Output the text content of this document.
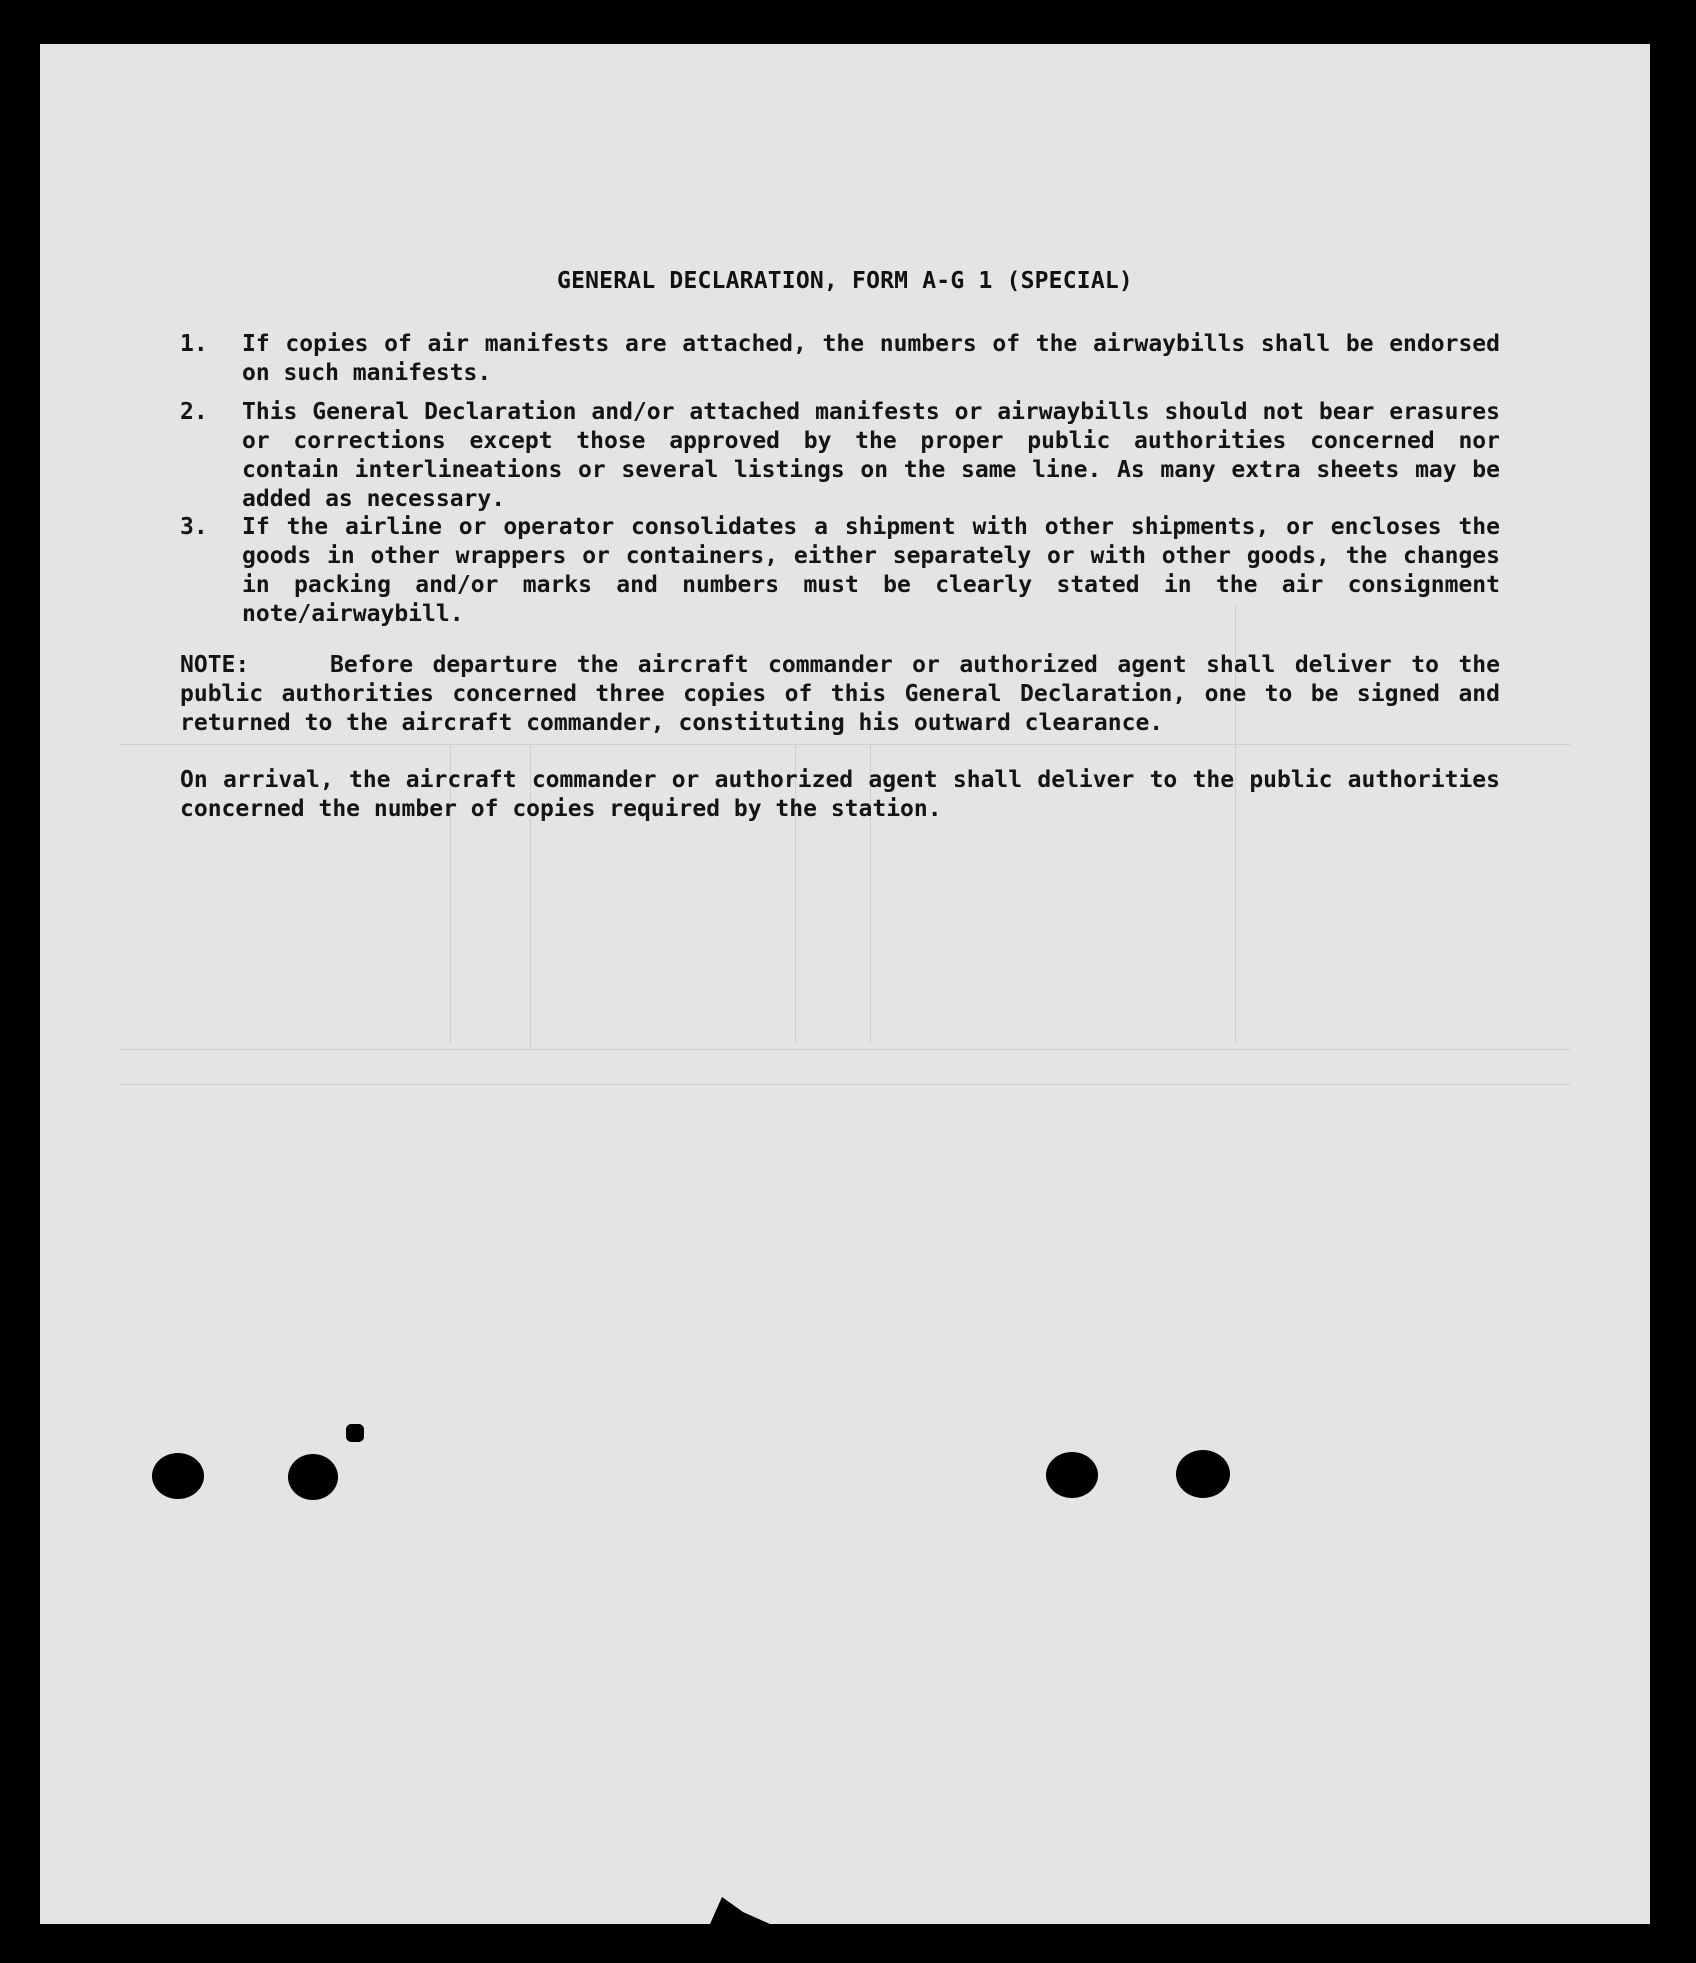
GENERAL DECLARATION, FORM A-G 1 (SPECIAL)
1.	If copies of air manifests are attached, the numbers of the airwaybills shall be endorsed on such manifests.
2.	This General Declaration and/or attached manifests or airwaybills should not bear erasures or corrections except those approved by the proper public authorities concerned nor contain interlineations or several listings on the same line. As many extra sheets may be added as necessary.
3.	If the airline or operator consolidates a shipment with other shipments, or encloses the goods in other wrappers or containers, either separately or with other goods, the changes in packing and/or marks and numbers must be clearly stated in the air consignment note/airwaybill.
NOTE:	Before departure the aircraft commander or authorized agent shall deliver to the public authorities concerned three copies of this General Declaration, one to be signed and returned to the aircraft commander, constituting his outward clearance.
On arrival, the aircraft commander or authorized agent shall deliver to the public authorities concerned the number of copies required by the station.
​
